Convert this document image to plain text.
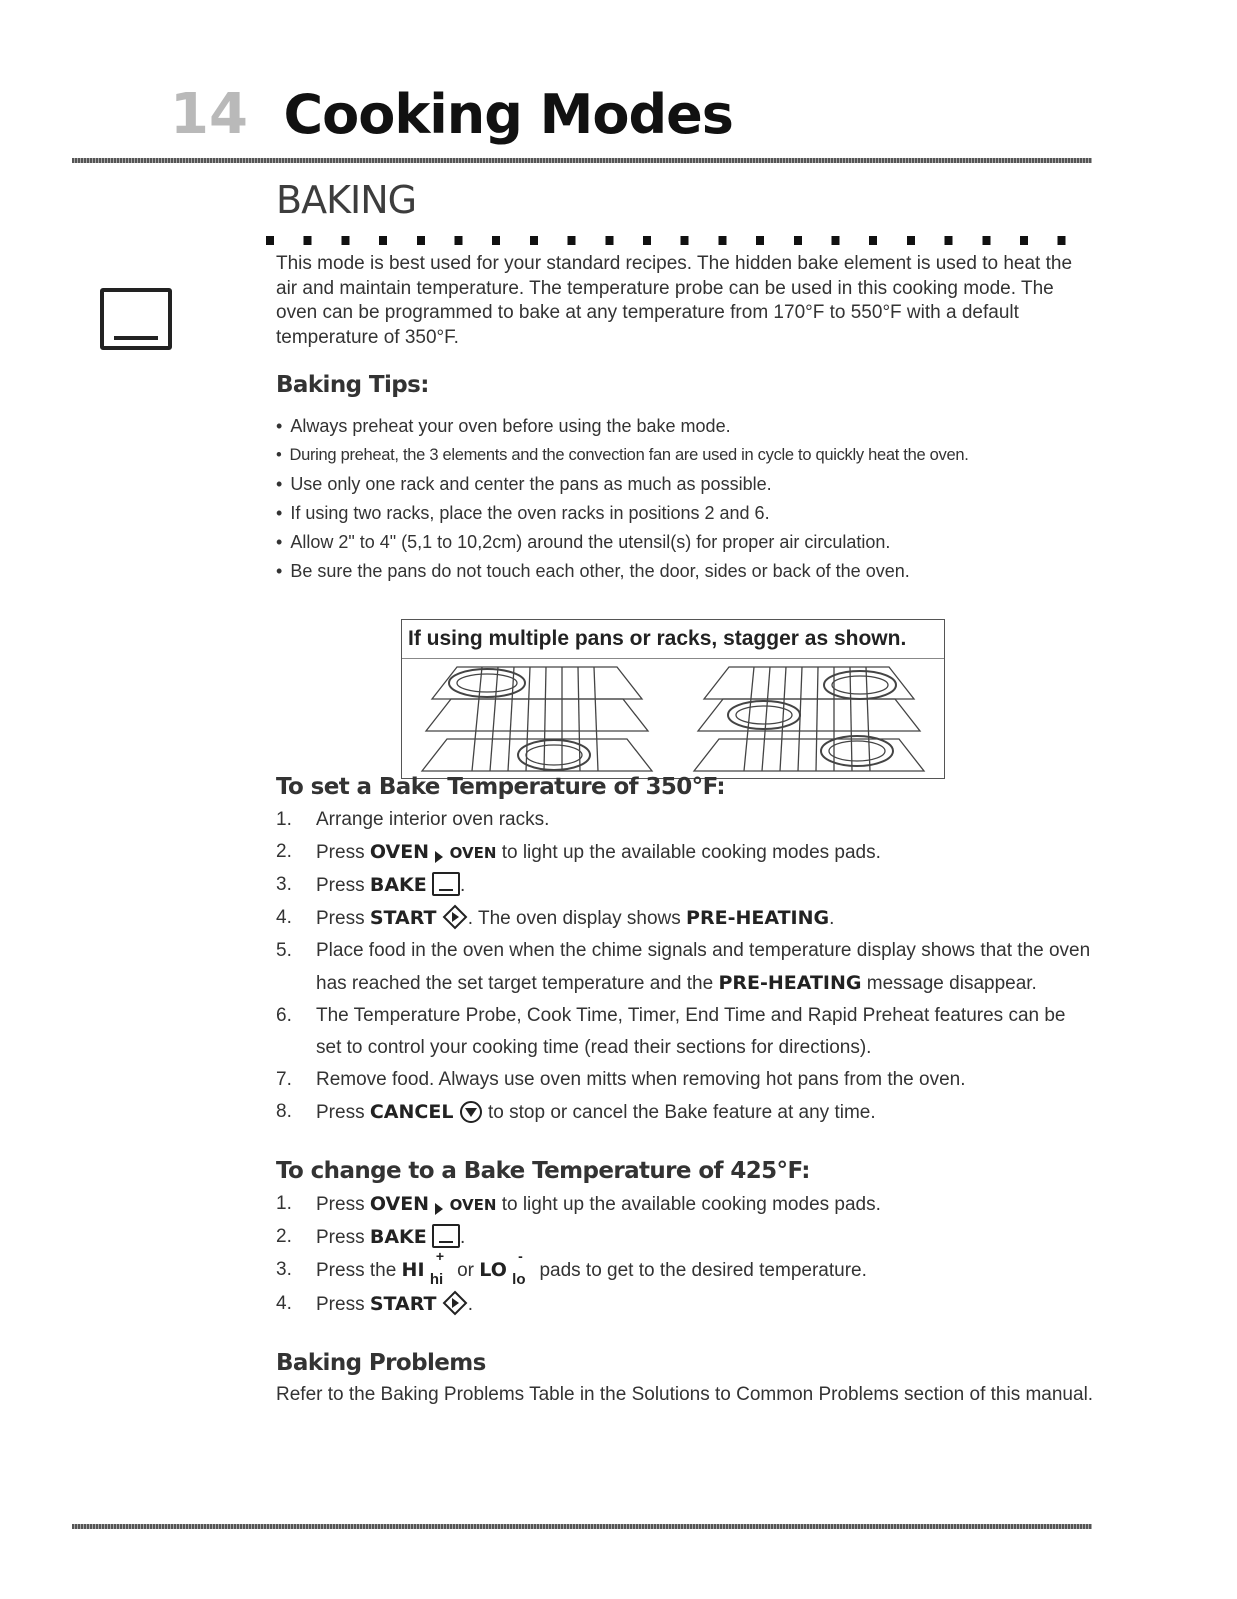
14 Cooking Modes
BAKING

This mode is best used for your standard recipes. The hidden bake element is used to heat the air and maintain temperature. The temperature probe can be used in this cooking mode. The oven can be programmed to bake at any temperature from 170°F to 550°F with a default temperature of 350°F.

Baking Tips:
• Always preheat your oven before using the bake mode.
• During preheat, the 3 elements and the convection fan are used in cycle to quickly heat the oven.
• Use only one rack and center the pans as much as possible.
• If using two racks, place the oven racks in positions 2 and 6.
• Allow 2" to 4" (5,1 to 10,2cm) around the utensil(s) for proper air circulation.
• Be sure the pans do not touch each other, the door, sides or back of the oven.
If using multiple pans or racks, stagger as shown.
To set a Bake Temperature of 350°F:
1. Arrange interior oven racks.
2. Press OVEN OVEN to light up the available cooking modes pads.
3. Press BAKE .
4. Press START . The oven display shows PRE-HEATING.
5. Place food in the oven when the chime signals and temperature display shows that the oven has reached the set target temperature and the PRE-HEATING message disappear.
6. The Temperature Probe, Cook Time, Timer, End Time and Rapid Preheat features can be set to control your cooking time (read their sections for directions).
7. Remove food. Always use oven mitts when removing hot pans from the oven.
8. Press CANCEL to stop or cancel the Bake feature at any time.
To change to a Bake Temperature of 425°F:
1. Press OVEN OVEN to light up the available cooking modes pads.
2. Press BAKE .
3. Press the HI
+
hi or LO
-
lo pads to get to the desired temperature.
4. Press START .
Baking Problems

Refer to the Baking Problems Table in the Solutions to Common Problems section of this manual.
